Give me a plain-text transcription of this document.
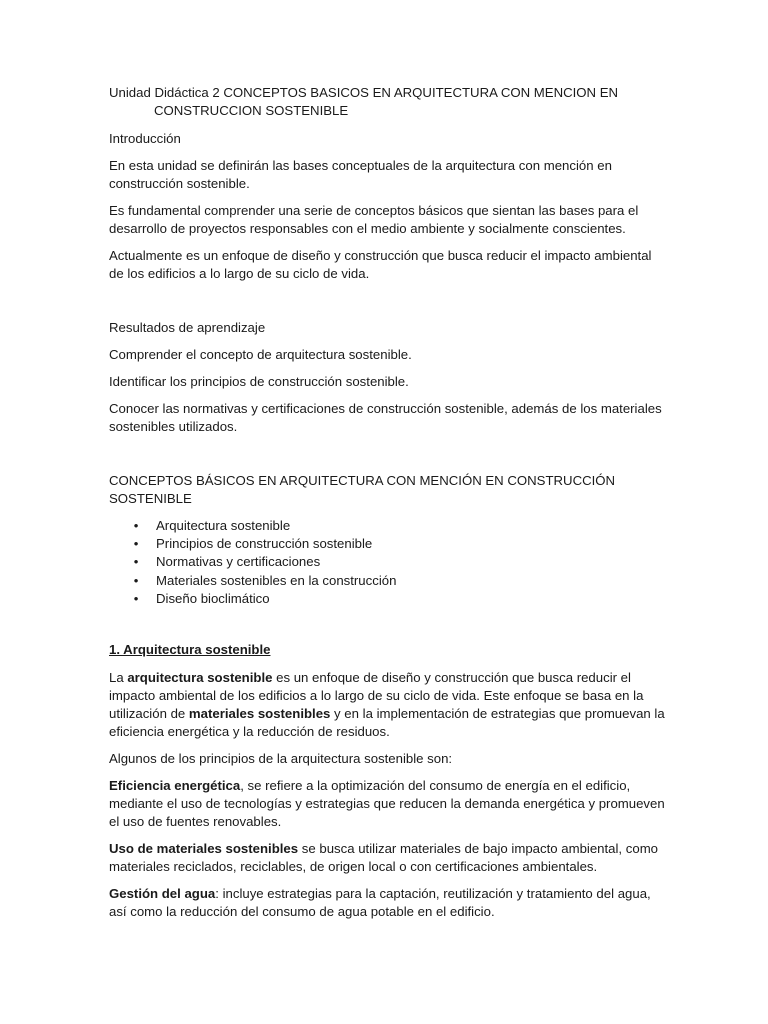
Unidad Didáctica 2 CONCEPTOS BASICOS EN ARQUITECTURA CON MENCION EN
CONSTRUCCION SOSTENIBLE

Introducción

En esta unidad se definirán las bases conceptuales de la arquitectura con mención en construcción sostenible.

Es fundamental comprender una serie de conceptos básicos que sientan las bases para el desarrollo de proyectos responsables con el medio ambiente y socialmente conscientes.

Actualmente es un enfoque de diseño y construcción que busca reducir el impacto ambiental de los edificios a lo largo de su ciclo de vida.

Resultados de aprendizaje

Comprender el concepto de arquitectura sostenible.

Identificar los principios de construcción sostenible.

Conocer las normativas y certificaciones de construcción sostenible, además de los materiales sostenibles utilizados.

CONCEPTOS BÁSICOS EN ARQUITECTURA CON MENCIÓN EN CONSTRUCCIÓN SOSTENIBLE

• Arquitectura sostenible
• Principios de construcción sostenible
• Normativas y certificaciones
• Materiales sostenibles en la construcción
• Diseño bioclimático

1. Arquitectura sostenible

La arquitectura sostenible es un enfoque de diseño y construcción que busca reducir el impacto ambiental de los edificios a lo largo de su ciclo de vida. Este enfoque se basa en la utilización de materiales sostenibles y en la implementación de estrategias que promuevan la eficiencia energética y la reducción de residuos.

Algunos de los principios de la arquitectura sostenible son:

Eficiencia energética, se refiere a la optimización del consumo de energía en el edificio, mediante el uso de tecnologías y estrategias que reducen la demanda energética y promueven el uso de fuentes renovables.

Uso de materiales sostenibles se busca utilizar materiales de bajo impacto ambiental, como materiales reciclados, reciclables, de origen local o con certificaciones ambientales.

Gestión del agua: incluye estrategias para la captación, reutilización y tratamiento del agua, así como la reducción del consumo de agua potable en el edificio.
